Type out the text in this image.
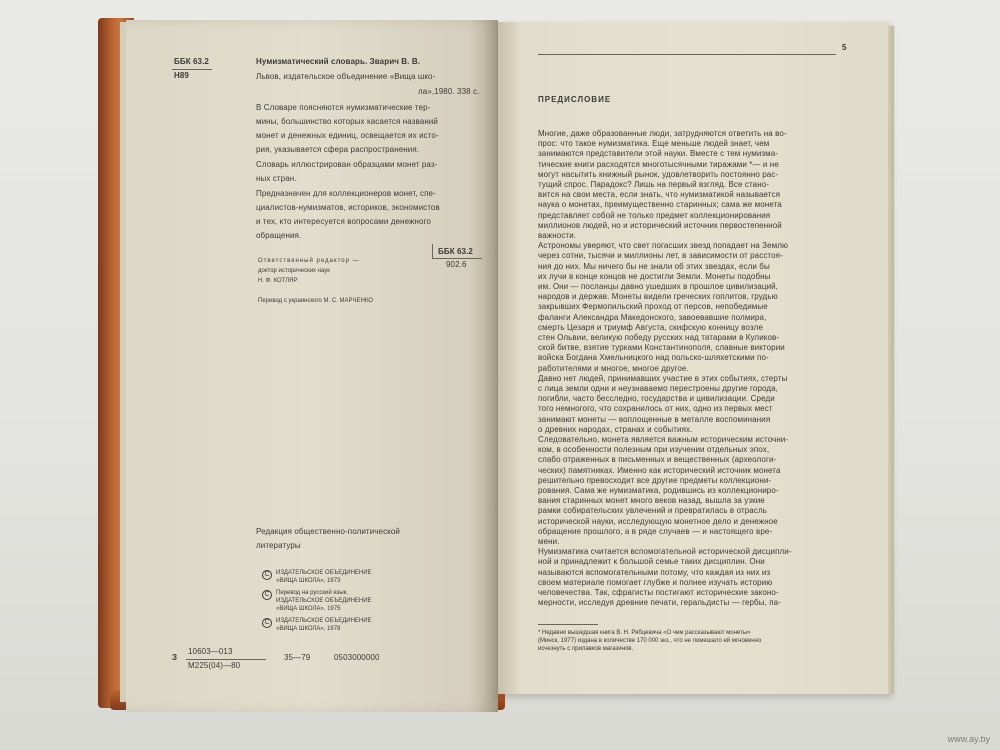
ББК 63.2
Н89
Нумизматический словарь. Зварич В. В.
Львов, издательское объединение «Вища шко-
ла»,1980. 338 с.
В Словаре поясняются нумизматические тер-
мины, большинство которых касается названий
монет и денежных единиц, освещается их исто-
рия, указывается сфера распространения.
Словарь иллюстрирован образцами монет раз-
ных стран.
Предназначен для коллекционеров монет, спе-
циалистов-нумизматов, историков, экономистов
и тех, кто интересуется вопросами денежного
обращения.
ББК 63.2
902.6
Ответственный редактор —
доктор исторических наук
Н. Ф. КОТЛЯР
Перевод с украинского М. С. МАРЧЕНКО
Редакция общественно-политической
литературы
C	ИЗДАТЕЛЬСКОЕ ОБЪЕДИНЕНИЕ
«ВИЩА ШКОЛА», 1973
C	Перевод на русский язык.
ИЗДАТЕЛЬСКОЕ ОБЪЕДИНЕНИЕ
«ВИЩА ШКОЛА», 1975
C	ИЗДАТЕЛЬСКОЕ ОБЪЕДИНЕНИЕ
«ВИЩА ШКОЛА», 1978
З
10603—013
М225(04)—80
35—79	0503000000
5
ПРЕДИСЛОВИЕ
Многие, даже образованные люди, затрудняются ответить на во-
прос: что такое нумизматика. Еще меньше людей знает, чем
занимаются представители этой науки. Вместе с тем нумизма-
тические книги расходятся многотысячными тиражами *— и не
могут насытить книжный рынок, удовлетворить постоянно рас-
тущий спрос. Парадокс? Лишь на первый взгляд. Все стано-
вится на свои места, если знать, что нумизматикой называется
наука о монетах, преимущественно старинных; сама же монета
представляет собой не только предмет коллекционирования
миллионов людей, но и исторический источник первостепенной
важности.
Астрономы уверяют, что свет погасших звезд попадает на Землю
через сотни, тысячи и миллионы лет, в зависимости от расстоя-
ния до них. Мы ничего бы не знали об этих звездах, если бы
их лучи в конце концов не достигли Земли. Монеты подобны
им. Они — посланцы давно ушедших в прошлое цивилизаций,
народов и держав. Монеты видели греческих гоплитов, грудью
закрывших Фермопильский проход от персов, непобедимые
фаланги Александра Македонского, завоевавшие полмира,
смерть Цезаря и триумф Августа, скифскую конницу возле
стен Ольвии, великую победу русских над татарами в Куликов-
ской битве, взятие турками Константинополя, славные виктории
войска Богдана Хмельницкого над польско-шляхетскими по-
работителями и многое, многое другое.
Давно нет людей, принимавших участие в этих событиях, стерты
с лица земли одни и неузнаваемо перестроены другие города,
погибли, часто бесследно, государства и цивилизации. Среди
того немногого, что сохранилось от них, одно из первых мест
занимают монеты — воплощенные в металле воспоминания
о древних народах, странах и событиях.
Следовательно, монета является важным историческим источни-
ком, в особенности полезным при изучении отдельных эпох,
слабо отраженных в письменных и вещественных (археологи-
ческих) памятниках. Именно как исторический источник монета
решительно превосходит все другие предметы коллекциони-
рования. Сама же нумизматика, родившись из коллекционирo-
вания старинных монет много веков назад, вышла за узкие
рамки собирательских увлечений и превратилась в отрасль
исторической науки, исследующую монетное дело и денежное
обращение прошлого, а в ряде случаев — и настоящего вре-
мени.
Нумизматика считается вспомогательной исторической дисципли-
ной и принадлежит к большой семье таких дисциплин. Они
называются вспомогательными потому, что каждая из них из
своем материале помогает глубже и полнее изучать историю
человечества. Так, сфрагисты постигают исторические законо-
мерности, исследуя древние печати, геральдисты — гербы, па-
* Недавно вышедшая книга В. Н. Рябцевича «О чем рассказывают монеты»
(Минск, 1977) издана в количестве 170 000 экз., что не помешало ей мгновенно
исчезнуть с прилавков магазинов.
www.ay.by
